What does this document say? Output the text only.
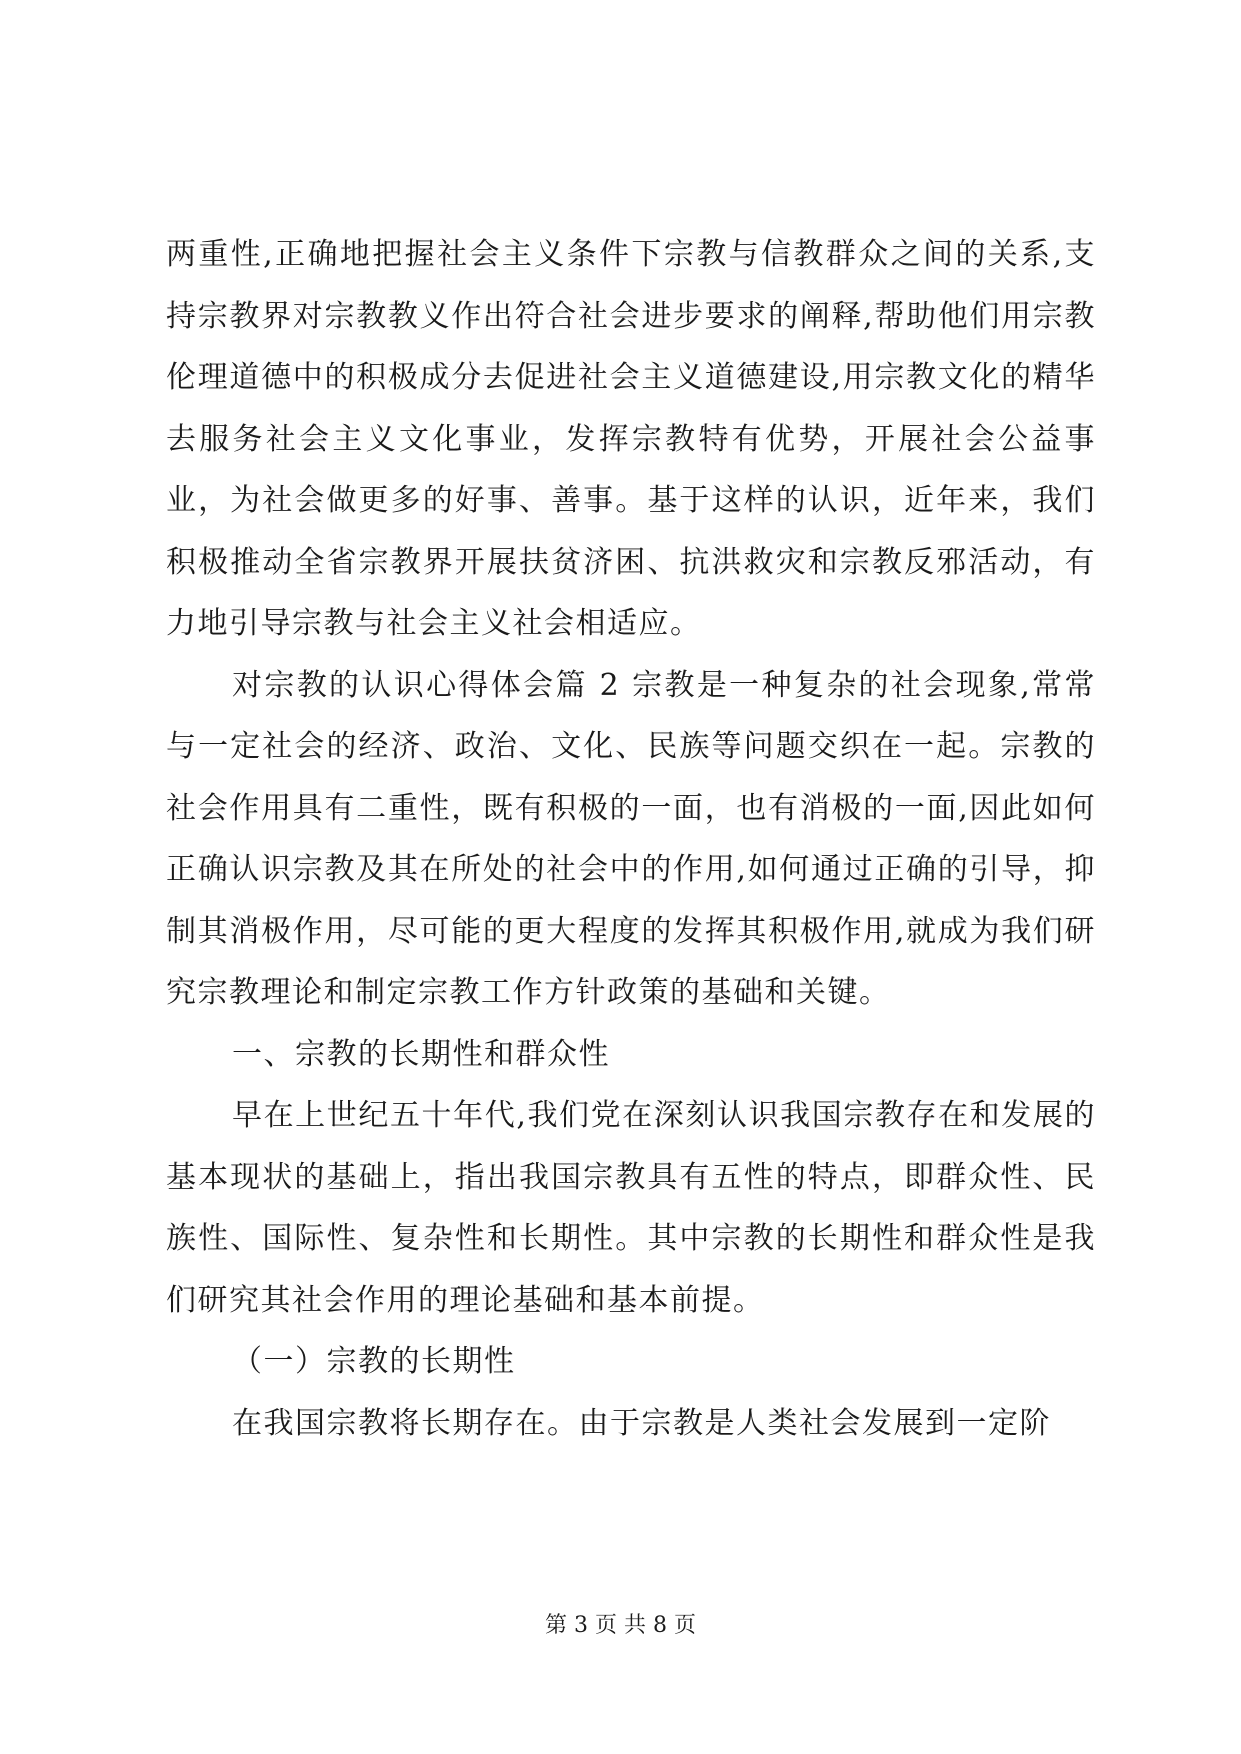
两重性,正确地把握社会主义条件下宗教与信教群众之间的关系,支持宗教界对宗教教义作出符合社会进步要求的阐释,帮助他们用宗教伦理道德中的积极成分去促进社会主义道德建设,用宗教文化的精华去服务社会主义文化事业，发挥宗教特有优势，开展社会公益事业，为社会做更多的好事、善事。基于这样的认识，近年来，我们积极推动全省宗教界开展扶贫济困、抗洪救灾和宗教反邪活动，有力地引导宗教与社会主义社会相适应。

对宗教的认识心得体会篇 2 宗教是一种复杂的社会现象,常常与一定社会的经济、政治、文化、民族等问题交织在一起。宗教的社会作用具有二重性，既有积极的一面，也有消极的一面,因此如何正确认识宗教及其在所处的社会中的作用,如何通过正确的引导，抑制其消极作用，尽可能的更大程度的发挥其积极作用,就成为我们研究宗教理论和制定宗教工作方针政策的基础和关键。

一、宗教的长期性和群众性

早在上世纪五十年代,我们党在深刻认识我国宗教存在和发展的基本现状的基础上，指出我国宗教具有五性的特点，即群众性、民族性、国际性、复杂性和长期性。其中宗教的长期性和群众性是我们研究其社会作用的理论基础和基本前提。

（一）宗教的长期性

在我国宗教将长期存在。由于宗教是人类社会发展到一定阶

第 3 页 共 8 页
